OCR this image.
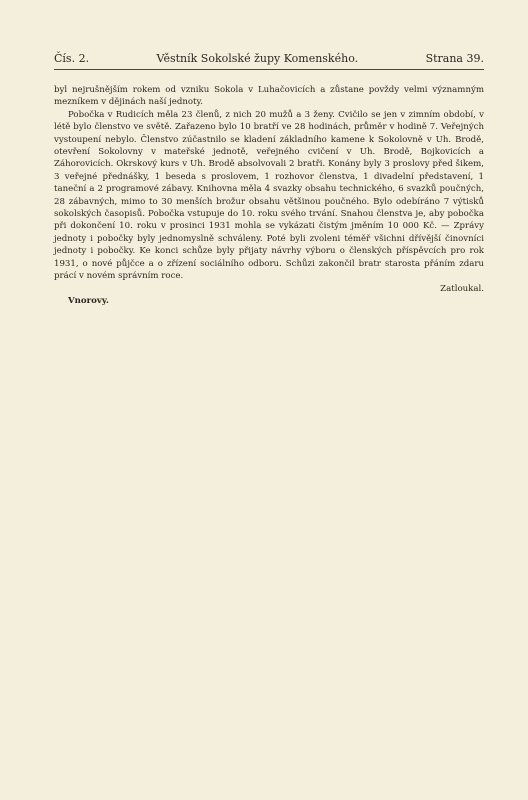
Čís. 2.	Věstník Sokolské župy Komenského.	Strana 39.

byl nejrušnějším rokem od vzniku Sokola v Luhačovicích a zůstane povždy velmi významným mezníkem v dějinách naší jednoty.

Pobočka v Rudicích měla 23 členů, z nich 20 mužů a 3 ženy. Cvičilo se jen v zimním období, v létě bylo členstvo ve světě. Zařazeno bylo 10 bratří ve 28 hodinách, průměr v hodině 7. Veřejných vystoupení nebylo. Členstvo zúčastnilo se kladení základního kamene k Sokolovně v Uh. Brodě, otevření Sokolovny v mateřské jednotě, veřejného cvičení v Uh. Brodě, Bojkovicích a Záhorovicích. Okrskový kurs v Uh. Brodě absolvovali 2 bratři. Konány byly 3 proslovy před šikem, 3 veřejné přednášky, 1 beseda s proslovem, 1 rozhovor členstva, 1 divadelní představení, 1 taneční a 2 programové zábavy. Knihovna měla 4 svazky obsahu technického, 6 svazků poučných, 28 zábavných, mimo to 30 menších brožur obsahu většinou poučného. Bylo odebíráno 7 výtisků sokolských časopisů. Pobočka vstupuje do 10. roku svého trvání. Snahou členstva je, aby pobočka při dokončení 10. roku v prosinci 1931 mohla se vykázati čistým jměním 10 000 Kč. — Zprávy jednoty i pobočky byly jednomyslně schváleny. Poté byli zvoleni téměř všichni dřívější činovníci jednoty i pobočky. Ke konci schůze byly přijaty návrhy výboru o členských příspěvcích pro rok 1931, o nové půjčce a o zřízení sociálního odboru. Schůzi zakončil bratr starosta přáním zdaru prácí v novém správním roce.

Zatloukal.

Vnorovy.
